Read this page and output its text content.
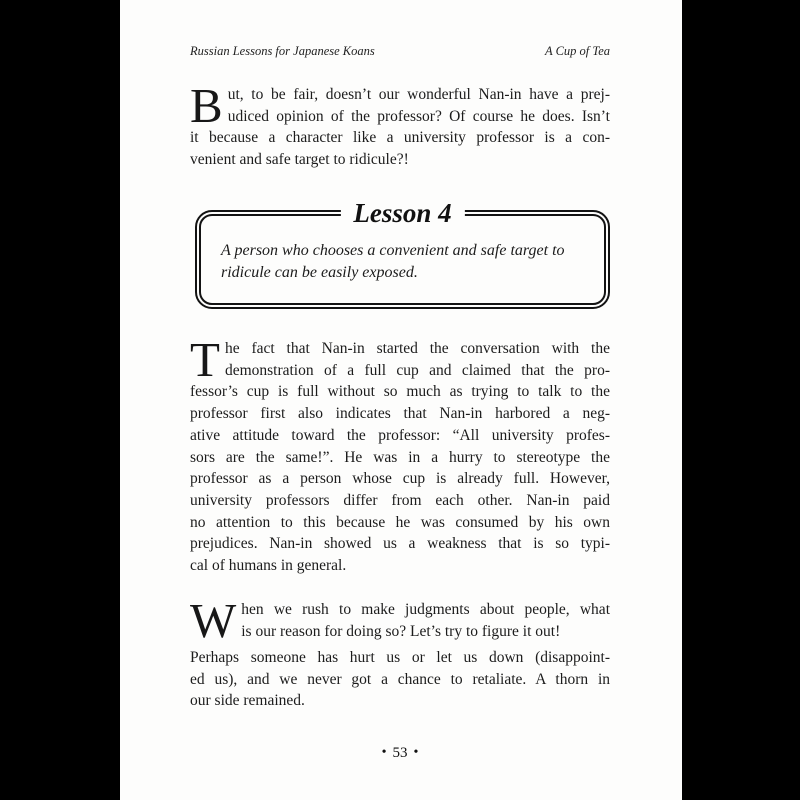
Russian Lessons for Japanese Koans	A Cup of Tea
B ut, to be fair, doesn’t our wonderful Nan-in have a prej-
udiced opinion of the professor? Of course he does. Isn’t
it because a character like a university professor is a con-
venient and safe target to ridicule?!
Lesson 4
A person who chooses a convenient and safe target to
ridicule can be easily exposed.
T he fact that Nan-in started the conversation with the
demonstration of a full cup and claimed that the pro-
fessor’s cup is full without so much as trying to talk to the
professor first also indicates that Nan-in harbored a neg-
ative attitude toward the professor: “All university profes-
sors are the same!”. He was in a hurry to stereotype the
professor as a person whose cup is already full. However,
university professors differ from each other. Nan-in paid
no attention to this because he was consumed by his own
prejudices. Nan-in showed us a weakness that is so typi-
cal of humans in general.
W hen we rush to make judgments about people, what
is our reason for doing so? Let’s try to figure it out!
Perhaps someone has hurt us or let us down (disappoint-
ed us), and we never got a chance to retaliate. A thorn in
our side remained.
• 53 •
